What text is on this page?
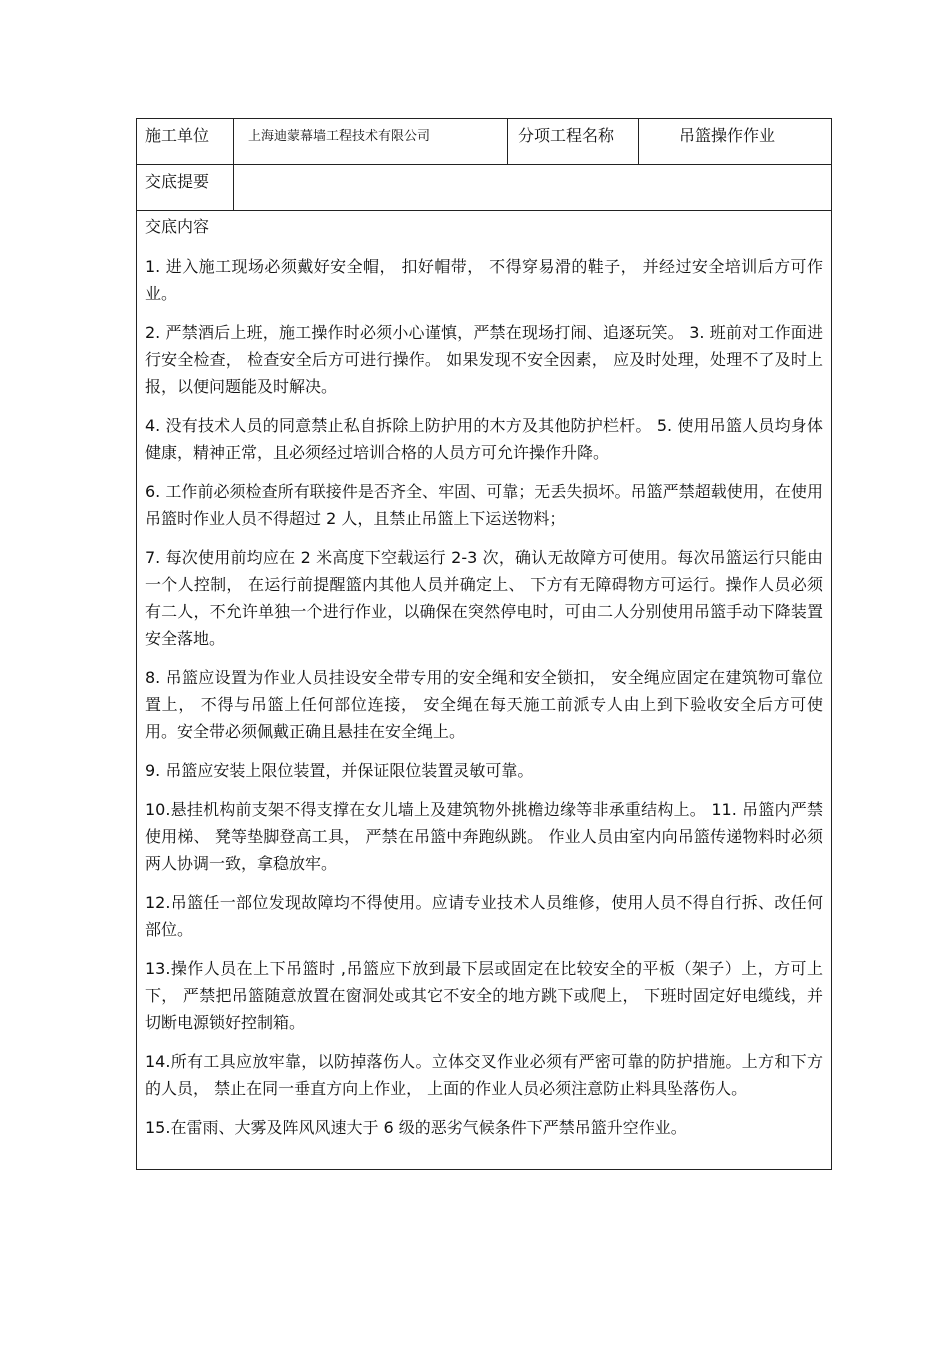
施工单位	上海迪蒙幕墙工程技术有限公司	分项工程名称	吊篮操作作业
交底提要
交底内容

1. 进入施工现场必须戴好安全帽， 扣好帽带， 不得穿易滑的鞋子， 并经过安全培训后方可作业。

2. 严禁酒后上班，施工操作时必须小心谨慎，严禁在现场打闹、追逐玩笑。 3. 班前对工作面进行安全检查， 检查安全后方可进行操作。 如果发现不安全因素， 应及时处理，处理不了及时上报，以便问题能及时解决。

4. 没有技术人员的同意禁止私自拆除上防护用的木方及其他防护栏杆。 5. 使用吊篮人员均身体健康，精神正常，且必须经过培训合格的人员方可允许操作升降。

6. 工作前必须检查所有联接件是否齐全、牢固、可靠；无丢失损坏。吊篮严禁超载使用，在使用吊篮时作业人员不得超过 2 人，且禁止吊篮上下运送物料；

7. 每次使用前均应在 2 米高度下空载运行 2-3 次，确认无故障方可使用。每次吊篮运行只能由一个人控制， 在运行前提醒篮内其他人员并确定上、 下方有无障碍物方可运行。操作人员必须有二人，不允许单独一个进行作业，以确保在突然停电时，可由二人分别使用吊篮手动下降装置安全落地。

8. 吊篮应设置为作业人员挂设安全带专用的安全绳和安全锁扣， 安全绳应固定在建筑物可靠位置上， 不得与吊篮上任何部位连接， 安全绳在每天施工前派专人由上到下验收安全后方可使用。安全带必须佩戴正确且悬挂在安全绳上。

9. 吊篮应安装上限位装置，并保证限位装置灵敏可靠。

10.悬挂机构前支架不得支撑在女儿墙上及建筑物外挑檐边缘等非承重结构上。 11. 吊篮内严禁使用梯、 凳等垫脚登高工具， 严禁在吊篮中奔跑纵跳。 作业人员由室内向吊篮传递物料时必须两人协调一致，拿稳放牢。

12.吊篮任一部位发现故障均不得使用。应请专业技术人员维修，使用人员不得自行拆、改任何部位。

13.操作人员在上下吊篮时 ,吊篮应下放到最下层或固定在比较安全的平板（架子）上，方可上下， 严禁把吊篮随意放置在窗洞处或其它不安全的地方跳下或爬上， 下班时固定好电缆线，并切断电源锁好控制箱。

14.所有工具应放牢靠，以防掉落伤人。立体交叉作业必须有严密可靠的防护措施。上方和下方的人员， 禁止在同一垂直方向上作业， 上面的作业人员必须注意防止料具坠落伤人。

15.在雷雨、大雾及阵风风速大于 6 级的恶劣气候条件下严禁吊篮升空作业。
